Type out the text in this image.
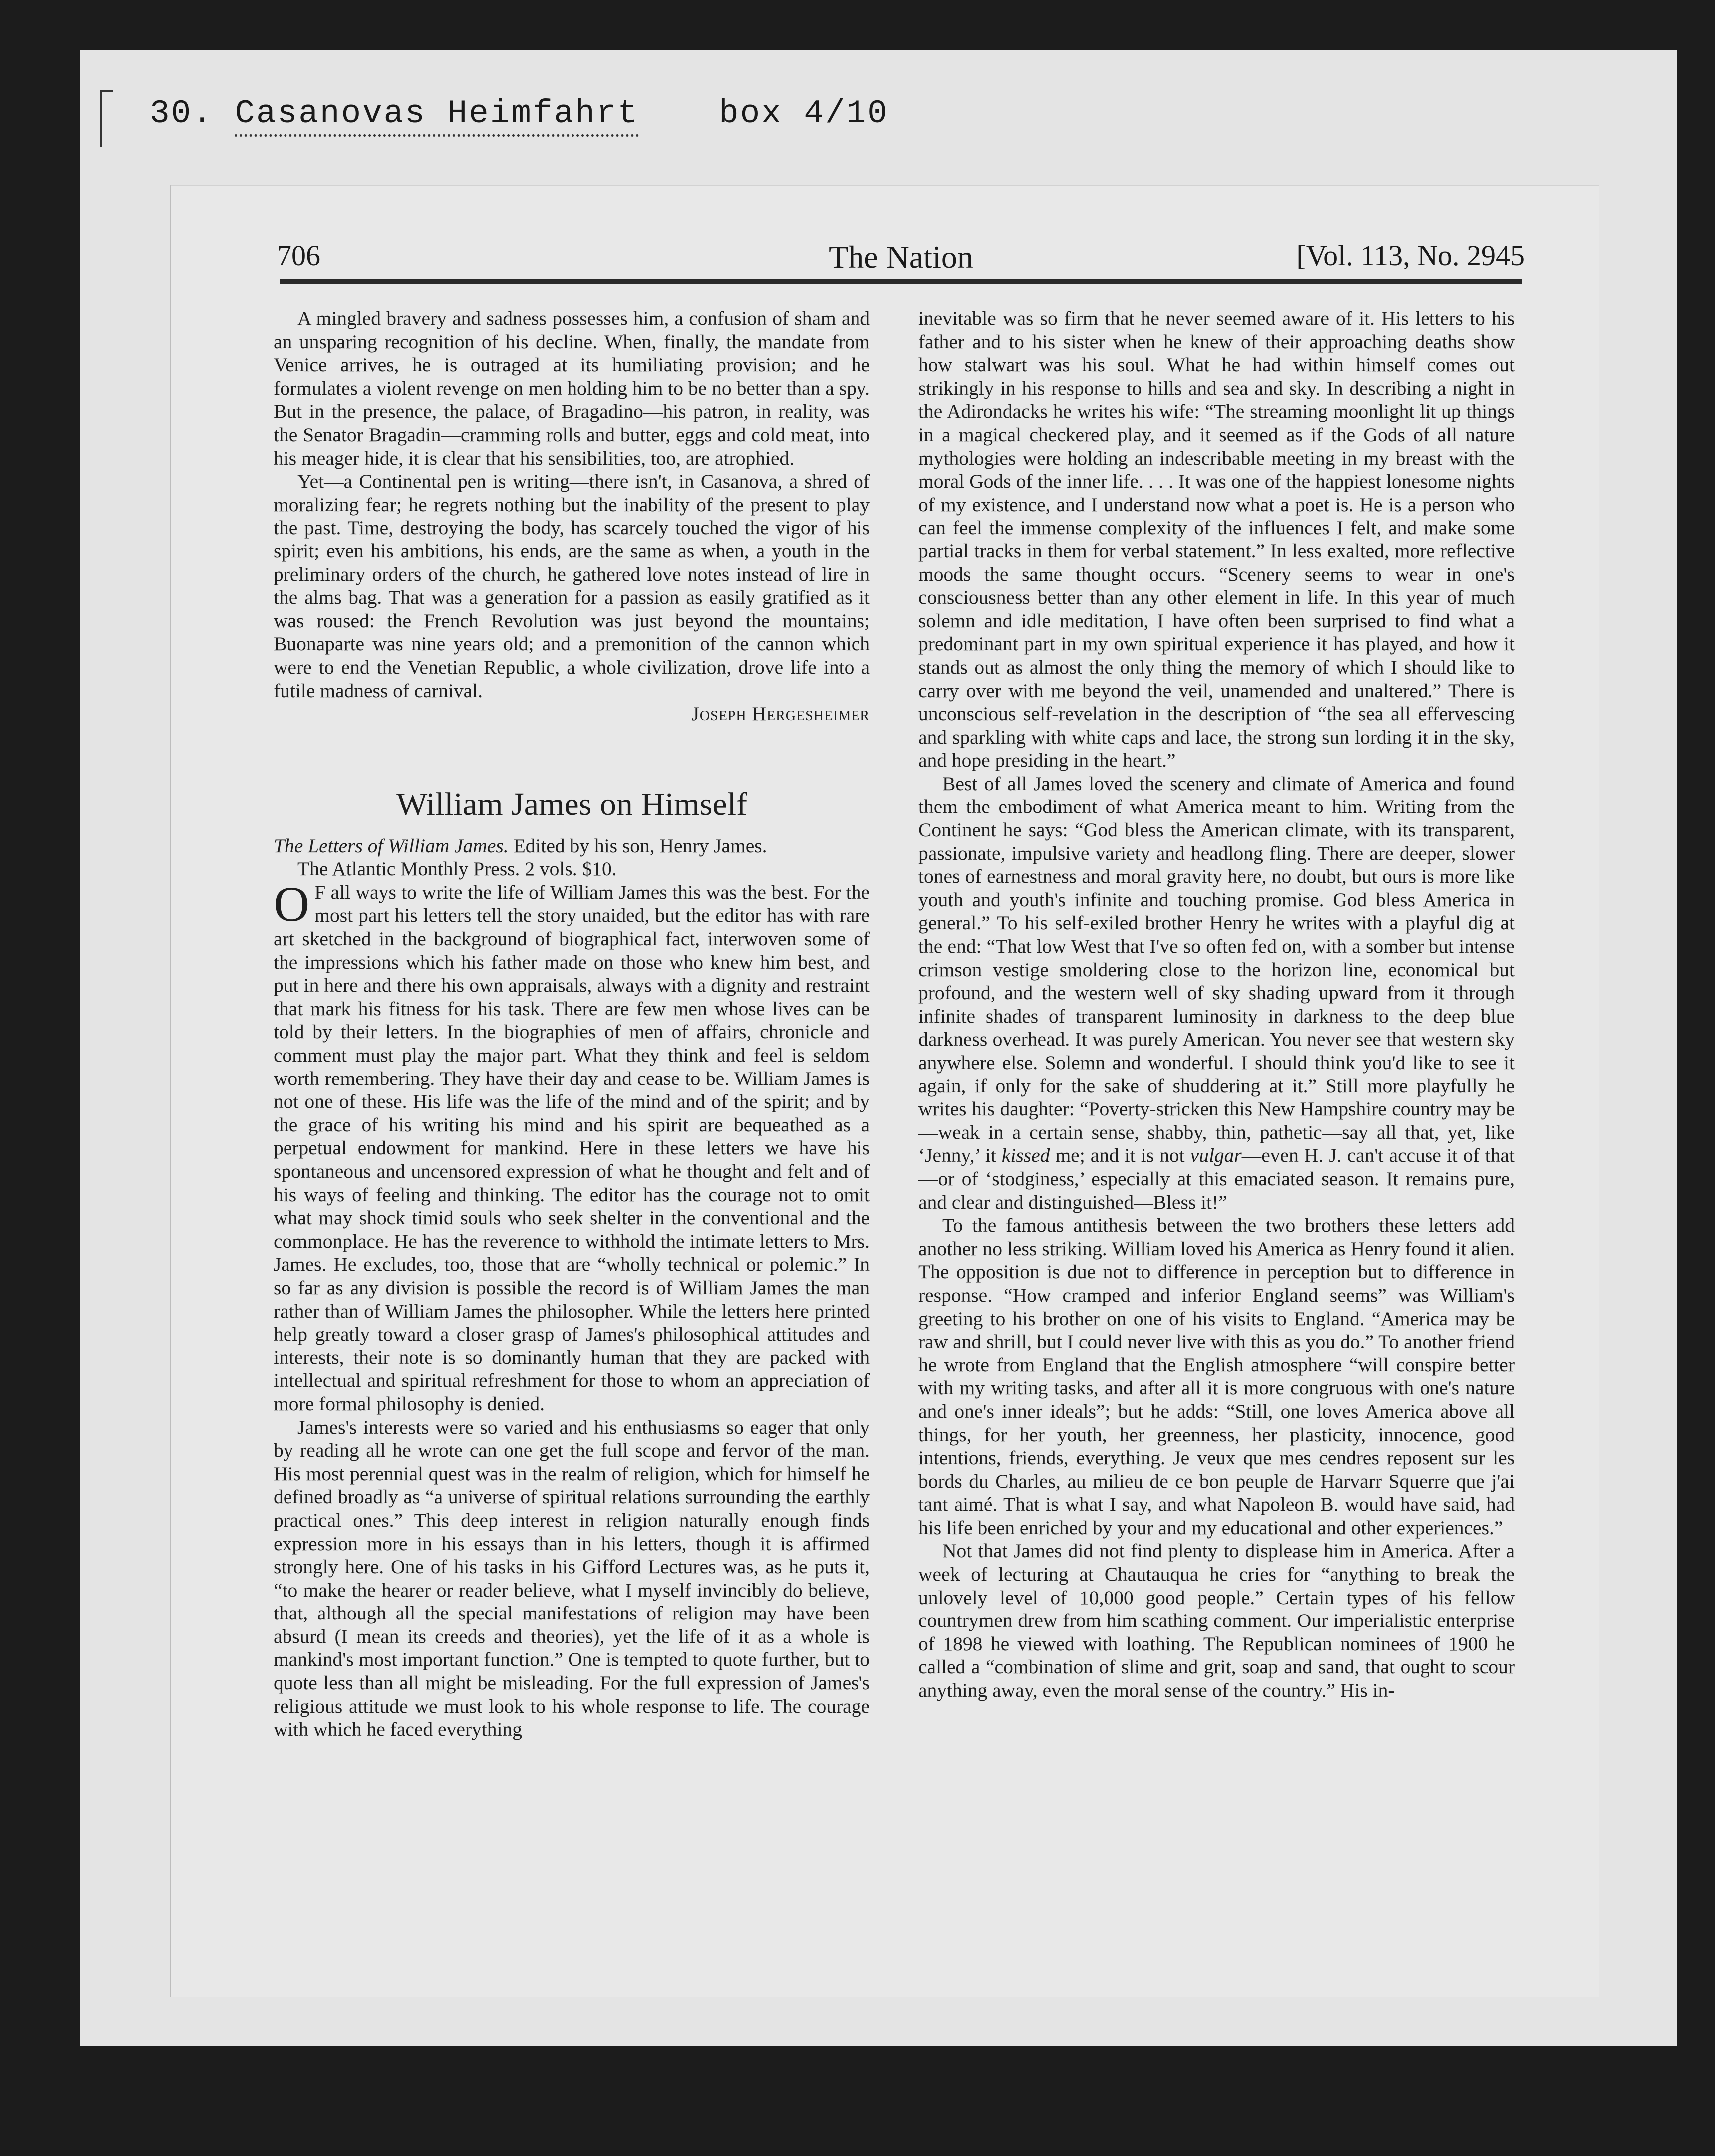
30. Casanovas Heimfahrt box 4/10
706	The Nation	[Vol. 113, No. 2945

A mingled bravery and sadness possesses him, a confusion of sham and an unsparing recognition of his decline. When, finally, the mandate from Venice arrives, he is outraged at its humiliating provision; and he formulates a violent revenge on men holding him to be no better than a spy. But in the presence, the palace, of Bragadino—his patron, in reality, was the Senator Bragadin—cramming rolls and butter, eggs and cold meat, into his meager hide, it is clear that his sensibilities, too, are atrophied.

Yet—a Continental pen is writing—there isn't, in Casanova, a shred of moralizing fear; he regrets nothing but the inability of the present to play the past. Time, destroying the body, has scarcely touched the vigor of his spirit; even his ambitions, his ends, are the same as when, a youth in the preliminary orders of the church, he gathered love notes instead of lire in the alms bag. That was a generation for a passion as easily gratified as it was roused: the French Revolution was just beyond the mountains; Buonaparte was nine years old; and a premonition of the cannon which were to end the Venetian Republic, a whole civilization, drove life into a futile madness of carnival.

Joseph Hergesheimer

William James on Himself

The Letters of William James. Edited by his son, Henry James.
The Atlantic Monthly Press. 2 vols. $10.

O F all ways to write the life of William James this was the best. For the most part his letters tell the story unaided, but the editor has with rare art sketched in the background of biographical fact, interwoven some of the impressions which his father made on those who knew him best, and put in here and there his own appraisals, always with a dignity and restraint that mark his fitness for his task. There are few men whose lives can be told by their letters. In the biographies of men of affairs, chronicle and comment must play the major part. What they think and feel is seldom worth remembering. They have their day and cease to be. William James is not one of these. His life was the life of the mind and of the spirit; and by the grace of his writing his mind and his spirit are bequeathed as a perpetual endowment for mankind. Here in these letters we have his spontaneous and uncensored expression of what he thought and felt and of his ways of feeling and thinking. The editor has the courage not to omit what may shock timid souls who seek shelter in the conventional and the commonplace. He has the reverence to withhold the intimate letters to Mrs. James. He excludes, too, those that are “wholly technical or polemic.” In so far as any division is possible the record is of William James the man rather than of William James the philosopher. While the letters here printed help greatly toward a closer grasp of James's philosophical attitudes and interests, their note is so dominantly human that they are packed with intellectual and spiritual refreshment for those to whom an appreciation of more formal philosophy is denied.

James's interests were so varied and his enthusiasms so eager that only by reading all he wrote can one get the full scope and fervor of the man. His most perennial quest was in the realm of religion, which for himself he defined broadly as “a universe of spiritual relations surrounding the earthly practical ones.” This deep interest in religion naturally enough finds expression more in his essays than in his letters, though it is affirmed strongly here. One of his tasks in his Gifford Lectures was, as he puts it, “to make the hearer or reader believe, what I myself invincibly do believe, that, although all the special manifestations of religion may have been absurd (I mean its creeds and theories), yet the life of it as a whole is mankind's most important function.” One is tempted to quote further, but to quote less than all might be misleading. For the full expression of James's religious attitude we must look to his whole response to life. The courage with which he faced everything

inevitable was so firm that he never seemed aware of it. His letters to his father and to his sister when he knew of their approaching deaths show how stalwart was his soul. What he had within himself comes out strikingly in his response to hills and sea and sky. In describing a night in the Adirondacks he writes his wife: “The streaming moonlight lit up things in a magical checkered play, and it seemed as if the Gods of all nature mythologies were holding an indescribable meeting in my breast with the moral Gods of the inner life. . . . It was one of the happiest lonesome nights of my existence, and I understand now what a poet is. He is a person who can feel the immense complexity of the influences I felt, and make some partial tracks in them for verbal statement.” In less exalted, more reflective moods the same thought occurs. “Scenery seems to wear in one's consciousness better than any other element in life. In this year of much solemn and idle meditation, I have often been surprised to find what a predominant part in my own spiritual experience it has played, and how it stands out as almost the only thing the memory of which I should like to carry over with me beyond the veil, unamended and unaltered.” There is unconscious self-revelation in the description of “the sea all effervescing and sparkling with white caps and lace, the strong sun lording it in the sky, and hope presiding in the heart.”

Best of all James loved the scenery and climate of America and found them the embodiment of what America meant to him. Writing from the Continent he says: “God bless the American climate, with its transparent, passionate, impulsive variety and headlong fling. There are deeper, slower tones of earnestness and moral gravity here, no doubt, but ours is more like youth and youth's infinite and touching promise. God bless America in general.” To his self-exiled brother Henry he writes with a playful dig at the end: “That low West that I've so often fed on, with a somber but intense crimson vestige smoldering close to the horizon line, economical but profound, and the western well of sky shading upward from it through infinite shades of transparent luminosity in darkness to the deep blue darkness overhead. It was purely American. You never see that western sky anywhere else. Solemn and wonderful. I should think you'd like to see it again, if only for the sake of shuddering at it.” Still more playfully he writes his daughter: “Poverty-stricken this New Hampshire country may be—weak in a certain sense, shabby, thin, pathetic—say all that, yet, like ‘Jenny,’ it kissed me; and it is not vulgar—even H. J. can't accuse it of that—or of ‘stodginess,’ especially at this emaciated season. It remains pure, and clear and distinguished—Bless it!”

To the famous antithesis between the two brothers these letters add another no less striking. William loved his America as Henry found it alien. The opposition is due not to difference in perception but to difference in response. “How cramped and inferior England seems” was William's greeting to his brother on one of his visits to England. “America may be raw and shrill, but I could never live with this as you do.” To another friend he wrote from England that the English atmosphere “will conspire better with my writing tasks, and after all it is more congruous with one's nature and one's inner ideals”; but he adds: “Still, one loves America above all things, for her youth, her greenness, her plasticity, innocence, good intentions, friends, everything. Je veux que mes cendres reposent sur les bords du Charles, au milieu de ce bon peuple de Harvarr Squerre que j'ai tant aimé. That is what I say, and what Napoleon B. would have said, had his life been enriched by your and my educational and other experiences.”

Not that James did not find plenty to displease him in America. After a week of lecturing at Chautauqua he cries for “anything to break the unlovely level of 10,000 good people.” Certain types of his fellow countrymen drew from him scathing comment. Our imperialistic enterprise of 1898 he viewed with loathing. The Republican nominees of 1900 he called a “combination of slime and grit, soap and sand, that ought to scour anything away, even the moral sense of the country.” His in-
